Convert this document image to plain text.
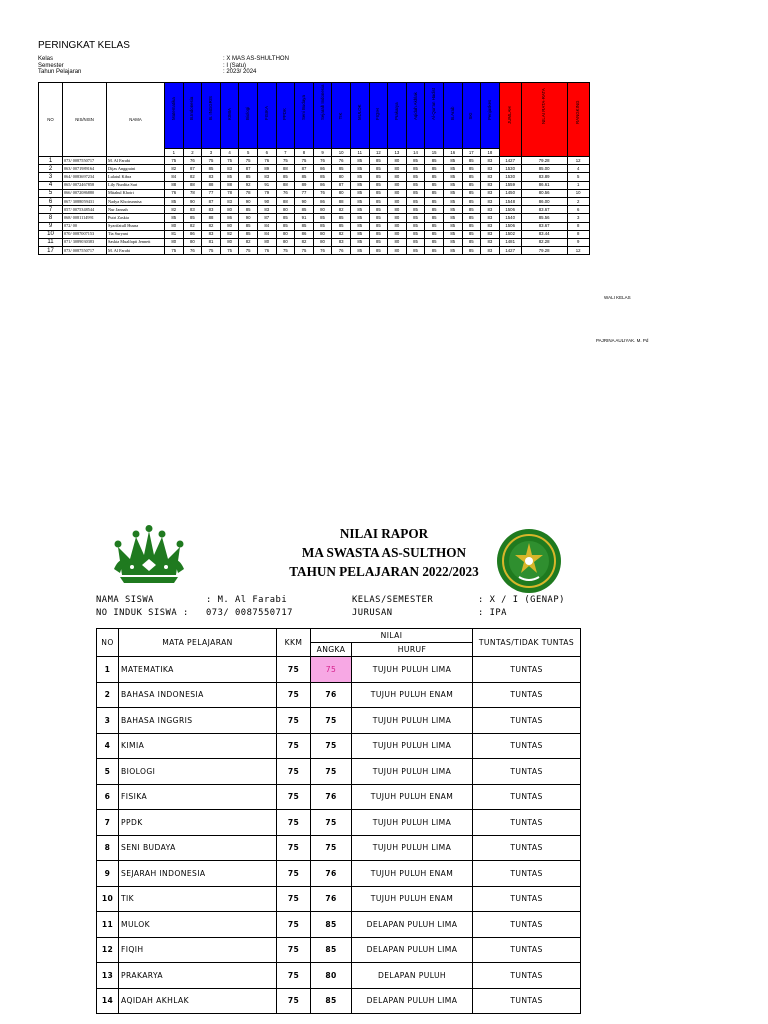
PERINGKAT KELAS
Kelas
Semester
Tahun Pelajaran
: X MAS AS-SHULTHON
: I (Satu)
: 2023/ 2024
NO	NIS/NISN	NAMA	Matematika	B.Indonesia	B. INGGRIS	KIMIA	Biologi	FISIKA	PPDK	Seni Budaya	Sejarah Indonesia	TIK	MULOK	FIQIH	Prakarya	Aqidah Akhlak	Al-Qur'an Hadist	B.Arab	SKI	Penjaskes	JUMLAH	NILAI RATA-RATA	RANGKING

			1	2	3	4	5	6	7	8	9	10	11	12	13	14	15	16	17	18			
1	073/ 0087550717	M. Al Farabi	75	76	75	75	75	76	75	75	76	76	85	85	80	85	85	85	85	83	1427	79.28	12
2	063/ 0071989164	Dijas Anggraini	82	87	85	83	87	89	88	87	86	85	85	85	80	85	85	85	85	83	1530	85.00	4
3	064/ 0083697234	Lulatul Kibra	84	82	83	85	85	83	85	85	85	80	85	85	80	85	85	85	85	83	1530	83.89	5
4	065/ 0072467858	Lily Nurdita Sari	88	88	88	88	92	91	88	89	86	87	85	85	80	85	85	85	85	83	1559	86.61	1
5	066/ 0072086880	Mitahul Khoiri	76	78	77	78	78	79	76	77	76	80	85	85	80	85	85	85	85	83	1450	80.56	10
6	067/ 3088059431	Nadya Khoirunnisa	85	90	87	83	90	90	88	90	86	88	85	85	80	85	85	85	85	83	1548	86.00	2
7	057/ 0075348544	Nur Jannah	82	83	83	80	85	83	80	85	80	82	85	85	80	85	85	85	85	83	1506	83.67	6
8	068/ 0081114991	Putri Zaskia	85	85	88	86	90	87	85	91	85	85	85	85	80	85	85	85	85	83	1540	85.56	3
9	072/ 00	Syarifatull Husna	80	82	82	80	85	84	85	85	85	85	85	85	80	85	85	85	85	83	1506	83.67	8
10	070/ 0087007153	Tia Suryani	81	86	83	82	85	84	80	86	80	82	85	85	80	85	85	85	85	83	1502	83.44	8
11	071/ 3089030383	Saskia Mualfapti Jennett	80	80	81	80	82	80	80	82	80	83	85	85	80	85	85	85	85	83	1481	82.28	9
17	073/ 0087550717	M. Al Farabi	75	76	75	75	75	76	75	75	76	76	85	85	80	85	85	85	85	83	1427	79.28	12
WALI KELAS
PAJRINA AULIYAK. M. Pd
NILAI RAPOR
MA SWASTA AS-SULTHON
TAHUN PELAJARAN 2022/2023
NAMA SISWA	: M. Al Farabi
NO INDUK SISWA : 073/ 0087550717
KELAS/SEMESTER	: X / I (GENAP)
JURUSAN	: IPA
NO	MATA PELAJARAN	KKM	NILAI		TUNTAS/TIDAK TUNTAS
			ANGKA	HURUF	
1	MATEMATIKA	75	75	TUJUH PULUH LIMA	TUNTAS
2	BAHASA INDONESIA	75	76	TUJUH PULUH ENAM	TUNTAS
3	BAHASA INGGRIS	75	75	TUJUH PULUH LIMA	TUNTAS
4	KIMIA	75	75	TUJUH PULUH LIMA	TUNTAS
5	BIOLOGI	75	75	TUJUH PULUH LIMA	TUNTAS
6	FISIKA	75	76	TUJUH PULUH ENAM	TUNTAS
7	PPDK	75	75	TUJUH PULUH LIMA	TUNTAS
8	SENI BUDAYA	75	75	TUJUH PULUH LIMA	TUNTAS
9	SEJARAH INDONESIA	75	76	TUJUH PULUH ENAM	TUNTAS
10	TIK	75	76	TUJUH PULUH ENAM	TUNTAS
11	MULOK	75	85	DELAPAN PULUH LIMA	TUNTAS
12	FIQIH	75	85	DELAPAN PULUH LIMA	TUNTAS
13	PRAKARYA	75	80	DELAPAN PULUH	TUNTAS
14	AQIDAH AKHLAK	75	85	DELAPAN PULUH LIMA	TUNTAS
